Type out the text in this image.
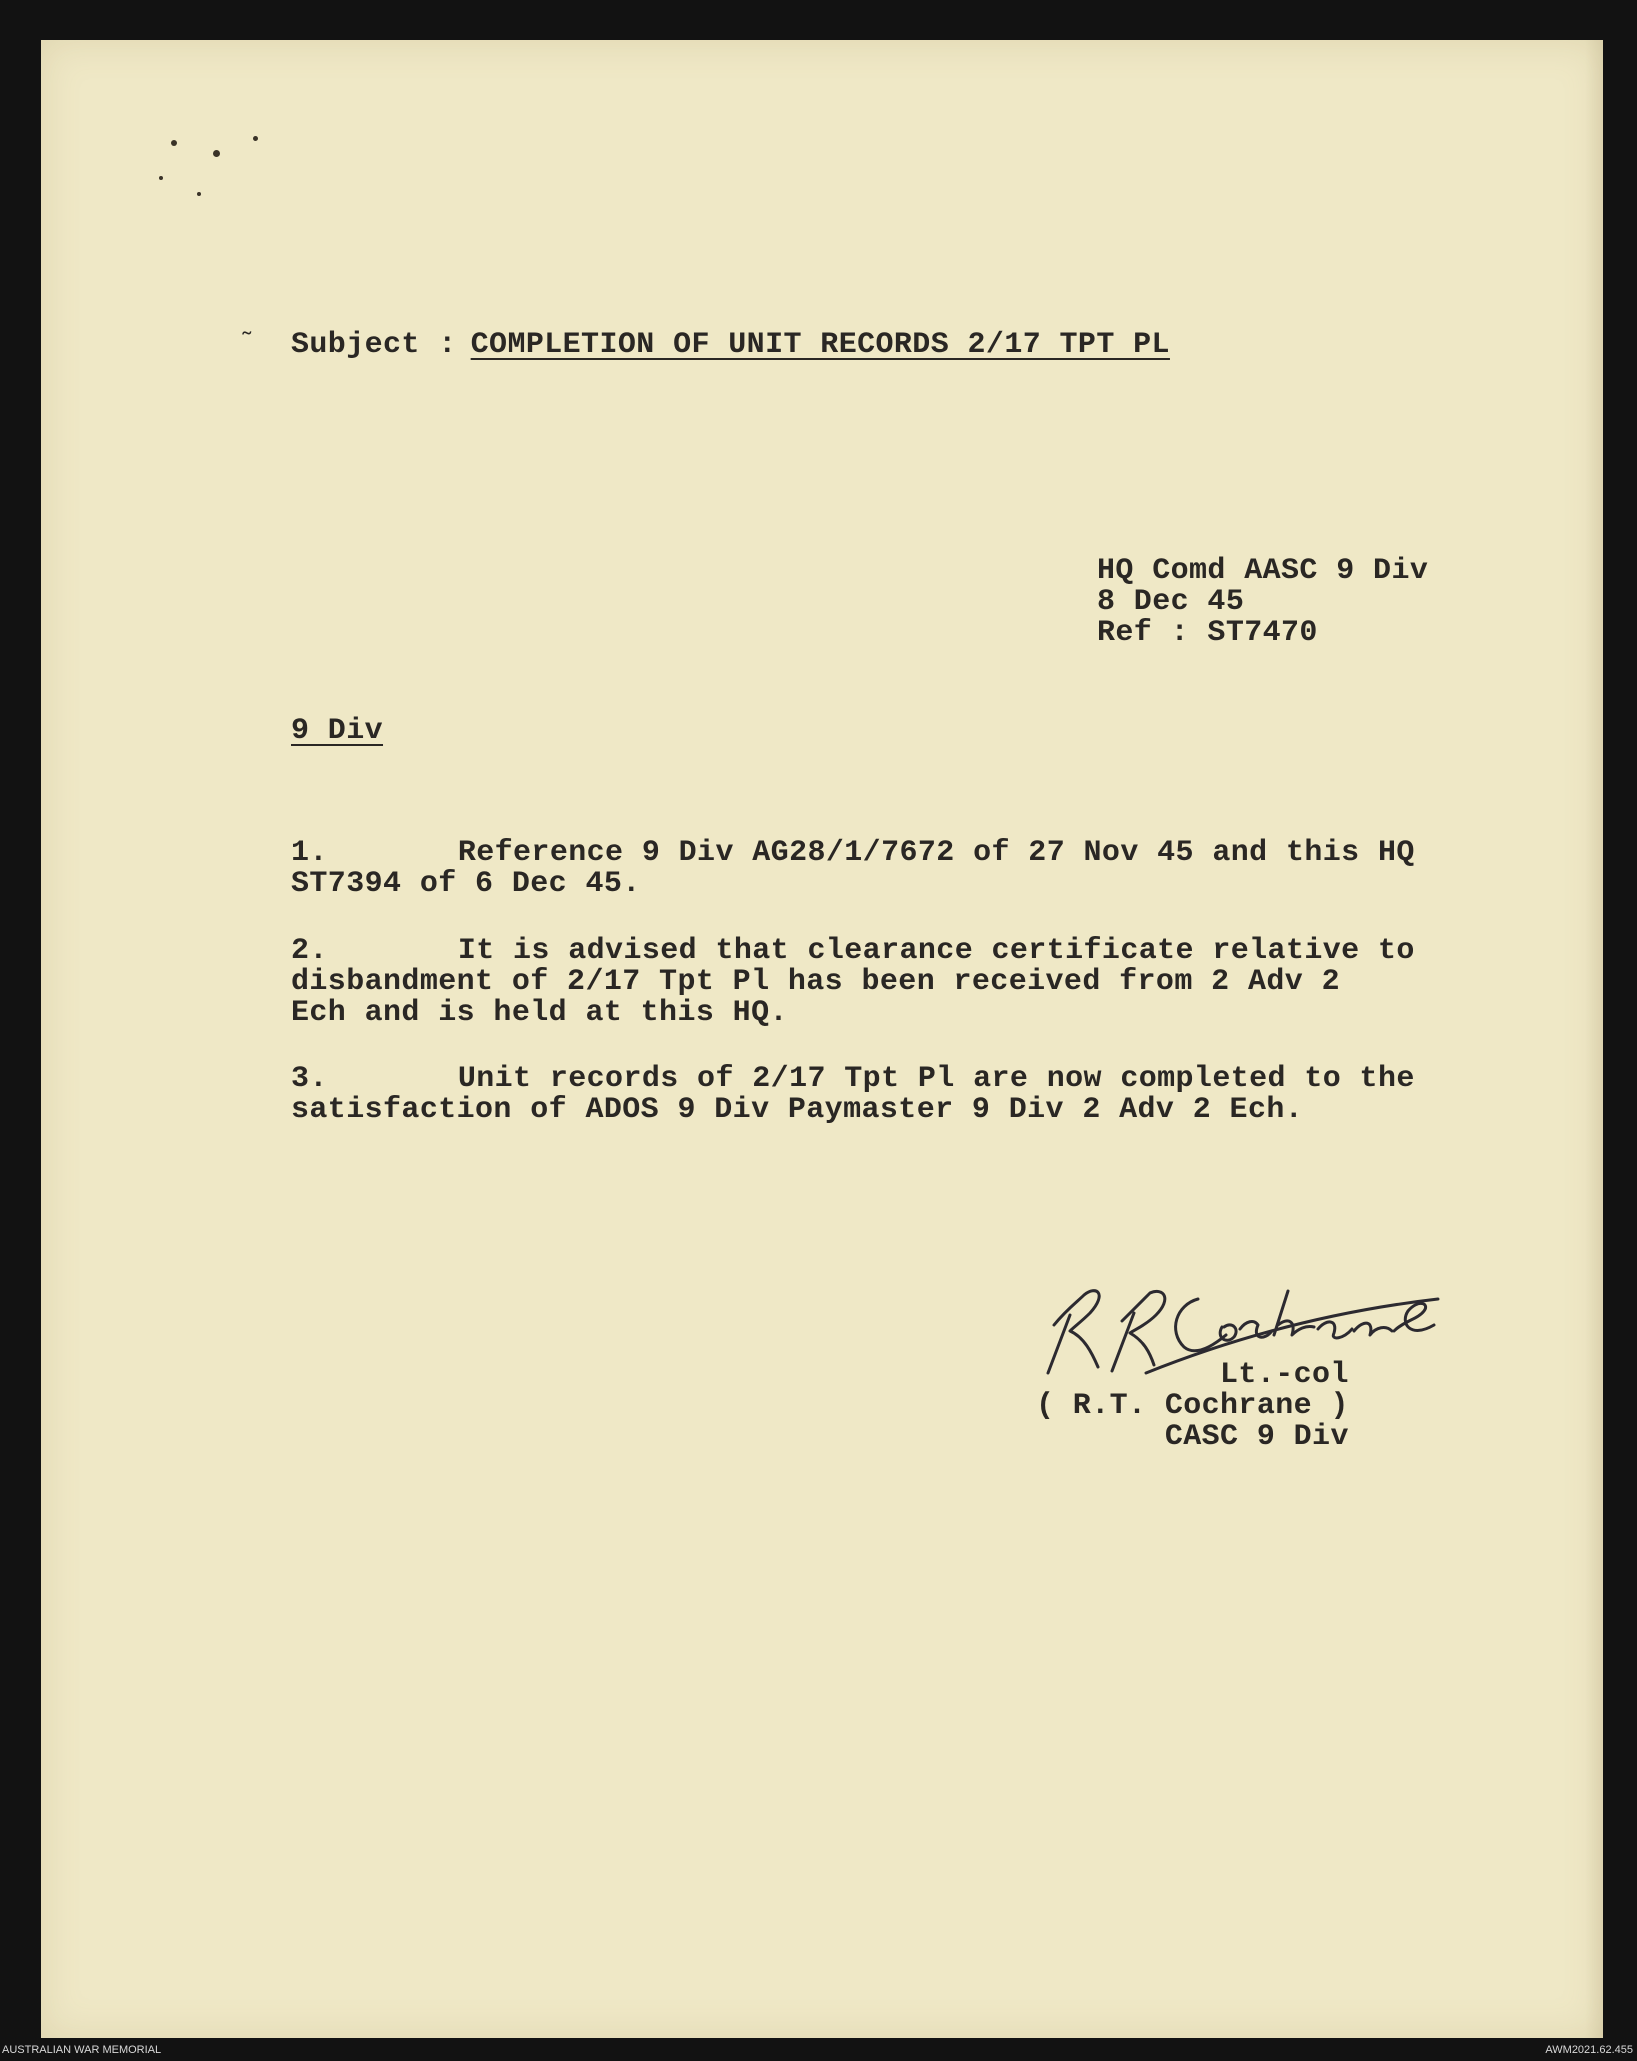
˜ Subject : COMPLETION OF UNIT RECORDS 2/17 TPT PL
HQ Comd AASC 9 Div
8 Dec 45
Ref : ST7470
9 Div
1.	Reference 9 Div AG28/1/7672 of 27 Nov 45 and this HQ
ST7394 of 6 Dec 45.
2.	It is advised that clearance certificate relative to
disbandment of 2/17 Tpt Pl has been received from 2 Adv 2
Ech and is held at this HQ.
3.	Unit records of 2/17 Tpt Pl are now completed to the
satisfaction of ADOS 9 Div Paymaster 9 Div 2 Adv 2 Ech.
Lt.-col
( R.T. Cochrane )
CASC 9 Div
AUSTRALIAN WAR MEMORIAL	AWM2021.62.455
